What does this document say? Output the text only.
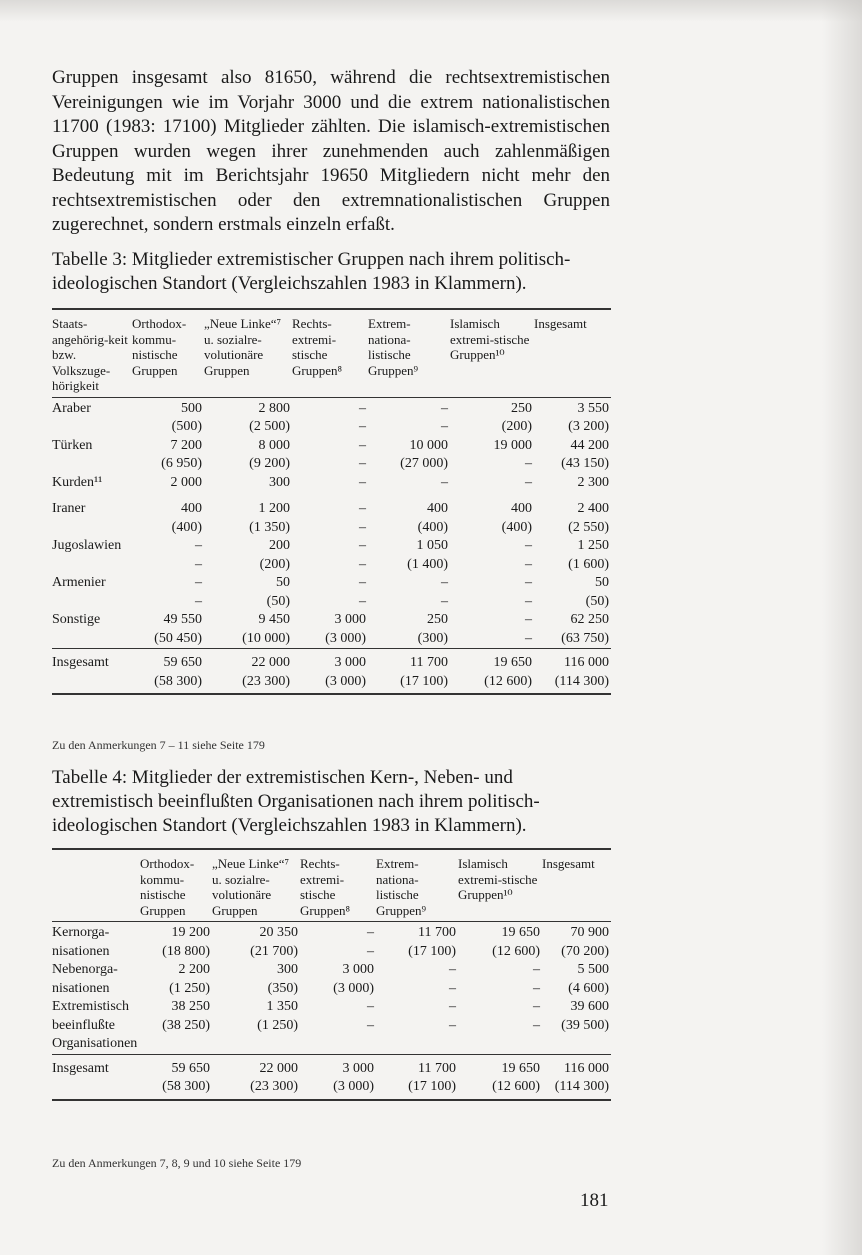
Gruppen insgesamt also 81650, während die rechtsextremistischen Vereinigungen wie im Vorjahr 3000 und die extrem nationalistischen 11700 (1983: 17100) Mitglieder zählten. Die islamisch-extremistischen Gruppen wurden wegen ihrer zunehmenden auch zahlenmäßigen Bedeutung mit im Berichtsjahr 19650 Mitgliedern nicht mehr den rechtsextremistischen oder den extremnationalistischen Gruppen zugerechnet, sondern erstmals einzeln erfaßt.

Tabelle 3: Mitglieder extremistischer Gruppen nach ihrem politisch-ideologischen Standort (Vergleichszahlen 1983 in Klammern).

Staats-angehörig-keit bzw. Volkszuge-hörigkeit	Orthodox-kommu-nistische Gruppen	„Neue Linke“⁷ u. sozialre-volutionäre Gruppen	Rechts-extremi-stische Gruppen⁸	Extrem-nationa-listische Gruppen⁹	Islamisch extremi-stische Gruppen¹⁰	Insgesamt
Araber	500	2 800	–	–	250	3 550
	(500)	(2 500)	–	–	(200)	(3 200)
Türken	7 200	8 000	–	10 000	19 000	44 200
	(6 950)	(9 200)	–	(27 000)	–	(43 150)
Kurden¹¹	2 000	300	–	–	–	2 300
Iraner	400	1 200	–	400	400	2 400
	(400)	(1 350)	–	(400)	(400)	(2 550)
Jugoslawien	–	200	–	1 050	–	1 250
	–	(200)	–	(1 400)	–	(1 600)
Armenier	–	50	–	–	–	50
	–	(50)	–	–	–	(50)
Sonstige	49 550	9 450	3 000	250	–	62 250
	(50 450)	(10 000)	(3 000)	(300)	–	(63 750)
Insgesamt	59 650	22 000	3 000	11 700	19 650	116 000
	(58 300)	(23 300)	(3 000)	(17 100)	(12 600)	(114 300)
Zu den Anmerkungen 7 – 11 siehe Seite 179

Tabelle 4: Mitglieder der extremistischen Kern-, Neben- und extremistisch beeinflußten Organisationen nach ihrem politisch-ideologischen Standort (Vergleichszahlen 1983 in Klammern).

	Orthodox-kommu-nistische Gruppen	„Neue Linke“⁷ u. sozialre-volutionäre Gruppen	Rechts-extremi-stische Gruppen⁸	Extrem-nationa-listische Gruppen⁹	Islamisch extremi-stische Gruppen¹⁰	Insgesamt
Kernorga-	19 200	20 350	–	11 700	19 650	70 900
nisationen	(18 800)	(21 700)	–	(17 100)	(12 600)	(70 200)
Nebenorga-	2 200	300	3 000	–	–	5 500
nisationen	(1 250)	(350)	(3 000)	–	–	(4 600)
Extremistisch	38 250	1 350	–	–	–	39 600
beeinflußte	(38 250)	(1 250)	–	–	–	(39 500)
Organisationen						
Insgesamt	59 650	22 000	3 000	11 700	19 650	116 000
	(58 300)	(23 300)	(3 000)	(17 100)	(12 600)	(114 300)
Zu den Anmerkungen 7, 8, 9 und 10 siehe Seite 179
181
